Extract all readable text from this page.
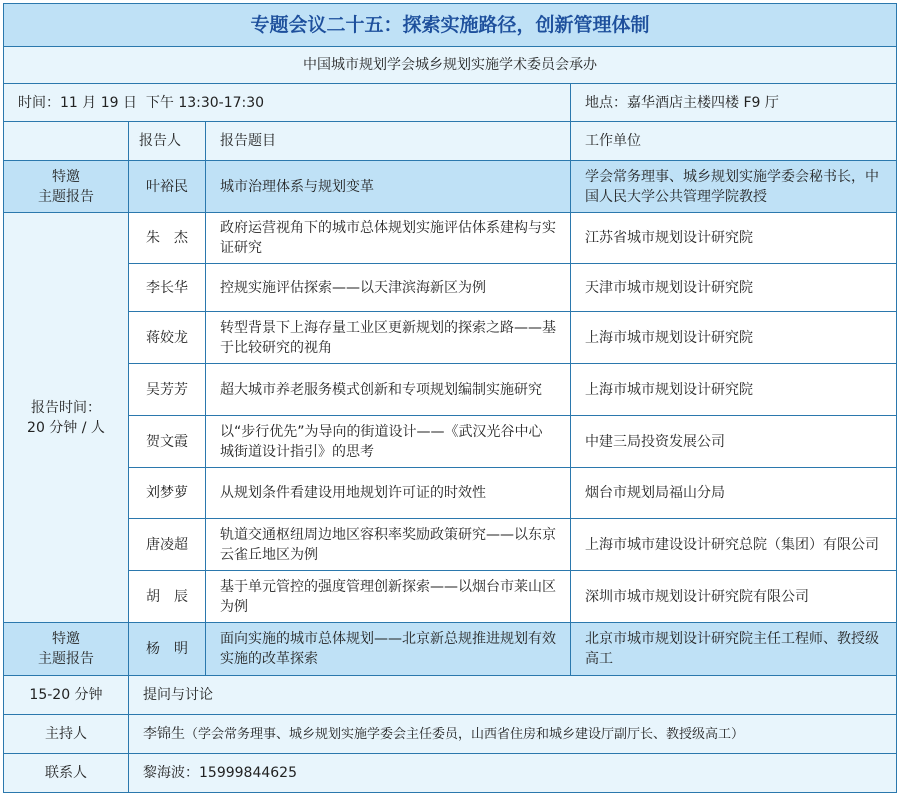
专题会议二十五：探索实施路径，创新管理体制			
中国城市规划学会城乡规划实施学术委员会承办			
时间：11 月 19 日  下午 13:30-17:30			地点：嘉华酒店主楼四楼 F9 厅
	报告人	报告题目	工作单位

特邀
主题报告	叶裕民	城市治理体系与规划变革	学会常务理事、城乡规划实施学委会秘书长，中国人民大学公共管理学院教授

报告时间：
20 分钟 / 人	朱　杰	政府运营视角下的城市总体规划实施评估体系建构与实证研究	江苏省城市规划设计研究院
	李长华	控规实施评估探索——以天津滨海新区为例	天津市城市规划设计研究院
	蒋姣龙	转型背景下上海存量工业区更新规划的探索之路——基于比较研究的视角	上海市城市规划设计研究院
	吴芳芳	超大城市养老服务模式创新和专项规划编制实施研究	上海市城市规划设计研究院
	贺文霞	以“步行优先”为导向的街道设计——《武汉光谷中心城街道设计指引》的思考	中建三局投资发展公司
	刘梦萝	从规划条件看建设用地规划许可证的时效性	烟台市规划局福山分局
	唐凌超	轨道交通枢纽周边地区容积率奖励政策研究——以东京云雀丘地区为例	上海市城市建设设计研究总院（集团）有限公司
	胡　辰	基于单元管控的强度管理创新探索——以烟台市莱山区为例	深圳市城市规划设计研究院有限公司

特邀
主题报告	杨　明	面向实施的城市总体规划——北京新总规推进规划有效实施的改革探索	北京市城市规划设计研究院主任工程师、教授级高工
15-20 分钟	提问与讨论		
主持人	李锦生（学会常务理事、城乡规划实施学委会主任委员，山西省住房和城乡建设厅副厅长、教授级高工）		
联系人	黎海波：15999844625		
